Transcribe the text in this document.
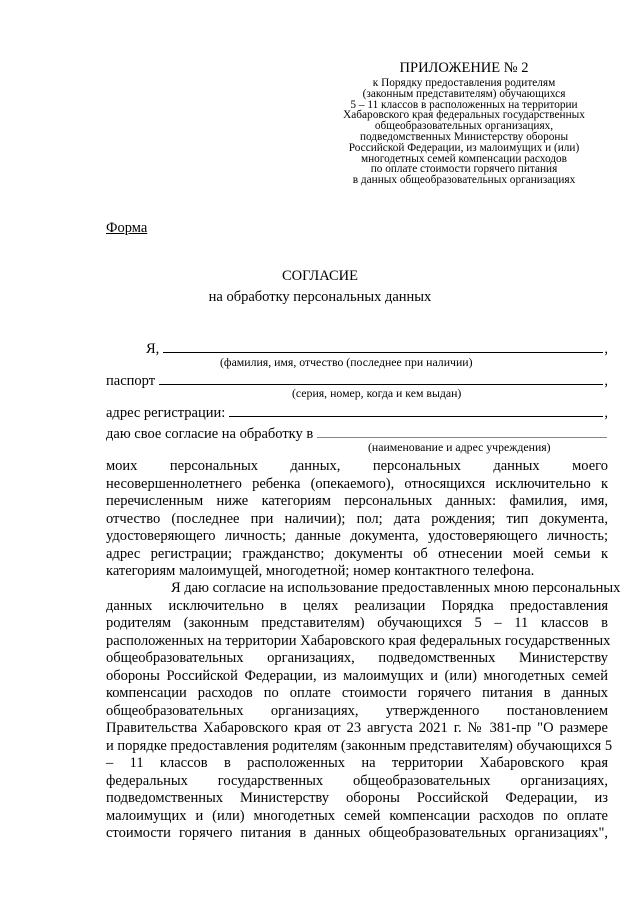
ПРИЛОЖЕНИЕ № 2
к Порядку предоставления родителям
(законным представителям) обучающихся
5 – 11 классов в расположенных на территории
Хабаровского края федеральных государственных
общеобразовательных организациях,
подведомственных Министерству обороны
Российской Федерации, из малоимущих и (или)
многодетных семей компенсации расходов
по оплате стоимости горячего питания
в данных общеобразовательных организациях
Форма
СОГЛАСИЕ
на обработку персональных данных
Я,	,
(фамилия, имя, отчество (последнее при наличии)
паспорт	,
(серия, номер, когда и кем выдан)
адрес регистрации:	,
даю свое согласие на обработку в
(наименование и адрес учреждения)
моих персональных данных, персональных данных моего
несовершеннолетнего ребенка (опекаемого), относящихся исключительно к
перечисленным ниже категориям персональных данных: фамилия, имя,
отчество (последнее при наличии); пол; дата рождения; тип документа,
удостоверяющего личность; данные документа, удостоверяющего личность;
адрес регистрации; гражданство; документы об отнесении моей семьи к
категориям малоимущей, многодетной; номер контактного телефона.
Я даю согласие на использование предоставленных мною персональных
данных исключительно в целях реализации Порядка предоставления
родителям (законным представителям) обучающихся 5 – 11 классов в
расположенных на территории Хабаровского края федеральных государственных
общеобразовательных организациях, подведомственных Министерству
обороны Российской Федерации, из малоимущих и (или) многодетных семей
компенсации расходов по оплате стоимости горячего питания в данных
общеобразовательных организациях, утвержденного постановлением
Правительства Хабаровского края от 23 августа 2021 г. № 381-пр "О размере
и порядке предоставления родителям (законным представителям) обучающихся 5
– 11 классов в расположенных на территории Хабаровского края
федеральных государственных общеобразовательных организациях,
подведомственных Министерству обороны Российской Федерации, из
малоимущих и (или) многодетных семей компенсации расходов по оплате
стоимости горячего питания в данных общеобразовательных организациях",
